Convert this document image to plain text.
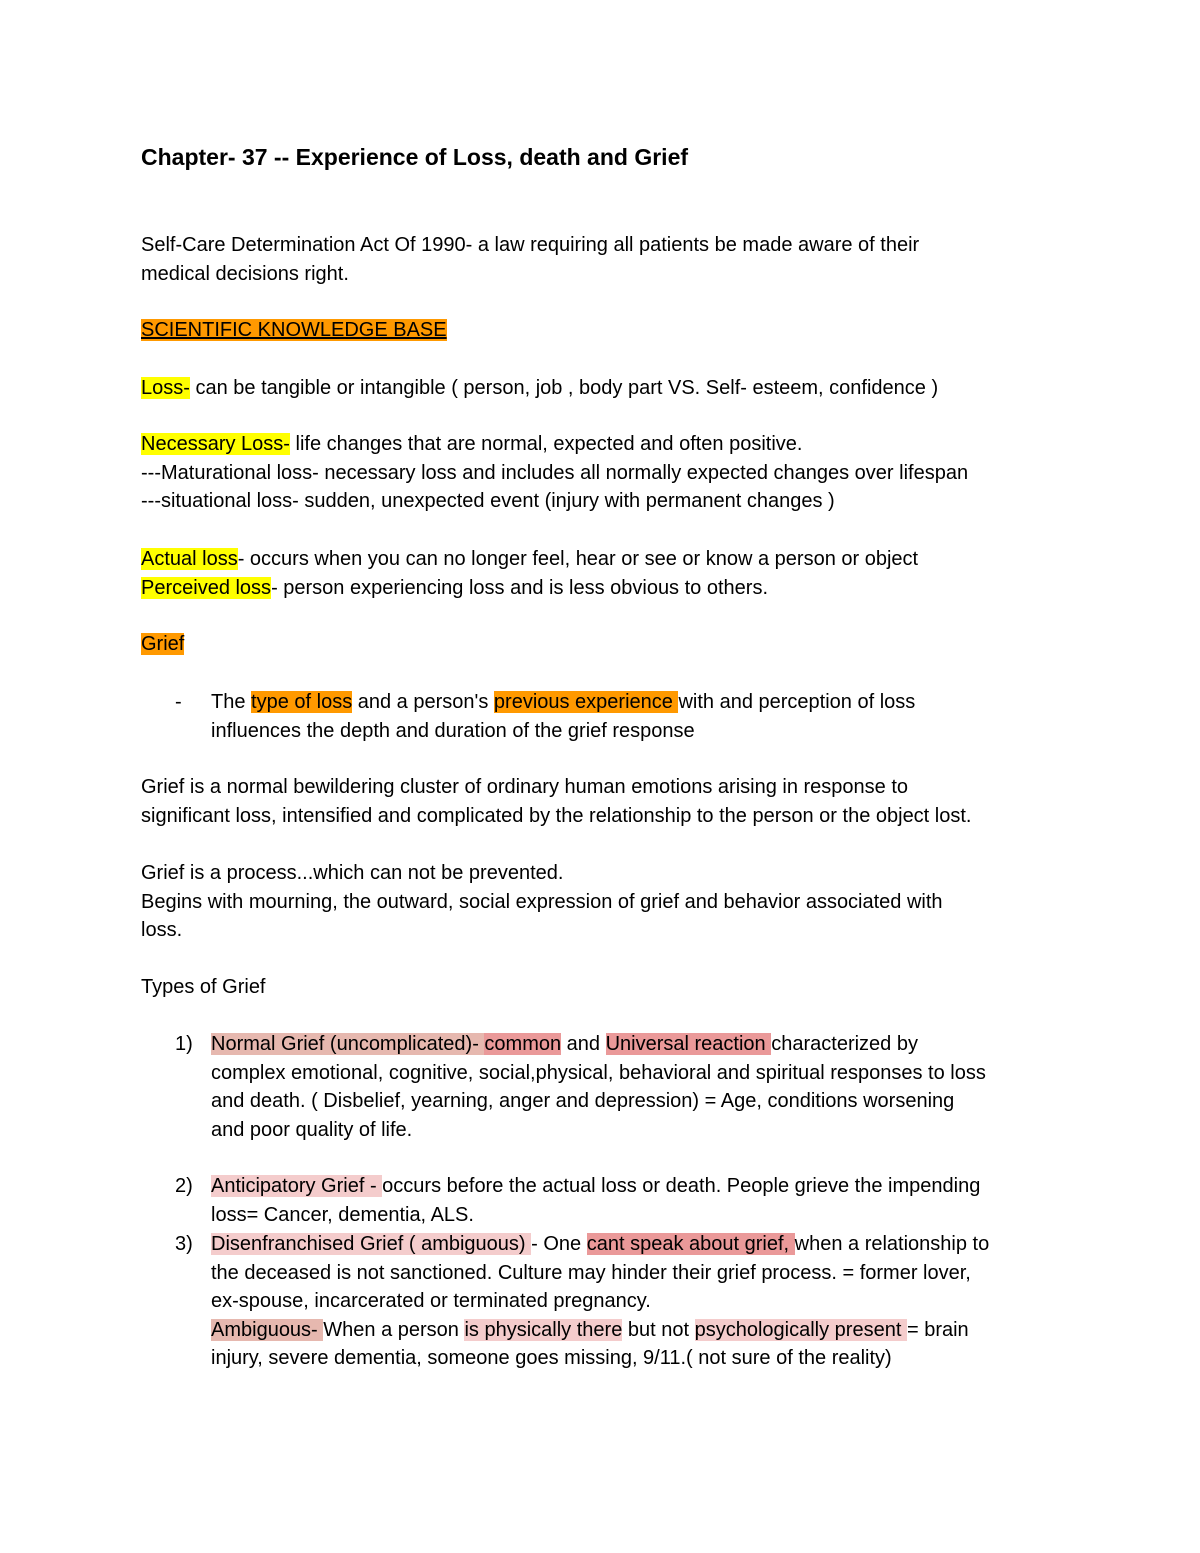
Chapter- 37 -- Experience of Loss, death and Grief
Self-Care Determination Act Of 1990- a law requiring all patients be made aware of their
medical decisions right.
SCIENTIFIC KNOWLEDGE BASE
Loss- can be tangible or intangible ( person, job , body part VS. Self- esteem, confidence )
Necessary Loss- life changes that are normal, expected and often positive.
---Maturational loss- necessary loss and includes all normally expected changes over lifespan
---situational loss- sudden, unexpected event (injury with permanent changes )
Actual loss- occurs when you can no longer feel, hear or see or know a person or object
Perceived loss- person experiencing loss and is less obvious to others.
Grief
- The type of loss and a person's previous experience with and perception of loss
influences the depth and duration of the grief response
Grief is a normal bewildering cluster of ordinary human emotions arising in response to
significant loss, intensified and complicated by the relationship to the person or the object lost.
Grief is a process...which can not be prevented.
Begins with mourning, the outward, social expression of grief and behavior associated with
loss.
Types of Grief
1) Normal Grief (uncomplicated)- common and Universal reaction characterized by
complex emotional, cognitive, social,physical, behavioral and spiritual responses to loss
and death. ( Disbelief, yearning, anger and depression) = Age, conditions worsening
and poor quality of life.
2) Anticipatory Grief - occurs before the actual loss or death. People grieve the impending
loss= Cancer, dementia, ALS.
3) Disenfranchised Grief ( ambiguous) - One cant speak about grief, when a relationship to
the deceased is not sanctioned. Culture may hinder their grief process. = former lover,
ex-spouse, incarcerated or terminated pregnancy.
Ambiguous- When a person is physically there but not psychologically present = brain
injury, severe dementia, someone goes missing, 9/11.( not sure of the reality)
